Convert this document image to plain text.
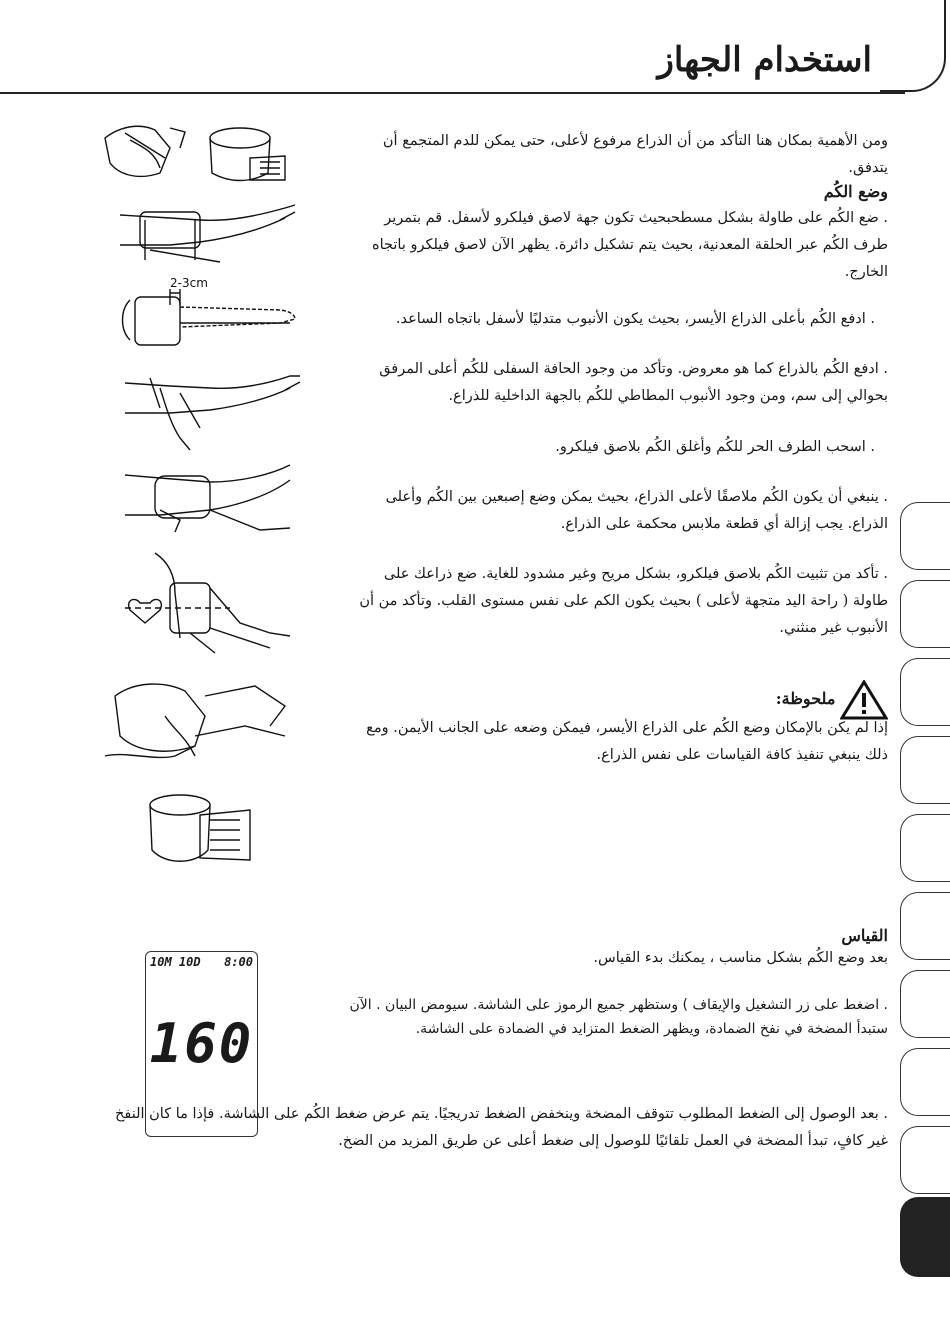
استخدام الجهاز
ومن الأهمية بمكان هنا التأكد من أن الذراع مرفوع لأعلى، حتى يمكن للدم المتجمع أن يتدفق.
وضع الكُم
. ضع الكُم على طاولة بشكل مسطحبحيث تكون جهة لاصق فيلكرو لأسفل. قم بتمرير طرف الكُم عبر الحلقة المعدنية، بحيث يتم تشكيل دائرة. يظهر الآن لاصق فيلكرو باتجاه الخارج.
. ادفع الكُم بأعلى الذراع الأيسر، بحيث يكون الأنبوب متدليًا لأسفل باتجاه الساعد.
. ادفع الكُم بالذراع كما هو معروض. وتأكد من وجود الحافة السفلى للكُم أعلى المرفق بحوالي إلى سم، ومن وجود الأنبوب المطاطي للكُم بالجهة الداخلية للذراع.
. اسحب الطرف الحر للكُم وأغلق الكُم بلاصق فيلكرو.
. ينبغي أن يكون الكُم ملاصقًا لأعلى الذراع، بحيث يمكن وضع إصبعين بين الكُم وأعلى الذراع. يجب إزالة أي قطعة ملابس محكمة على الذراع.
. تأكد من تثبيت الكُم بلاصق فيلكرو، بشكل مريح وغير مشدود للغاية. ضع ذراعك على طاولة ( راحة اليد متجهة لأعلى ) بحيث يكون الكم على نفس مستوى القلب. وتأكد من أن الأنبوب غير منثني.
ملحوظة:
إذا لم يكن بالإمكان وضع الكُم على الذراع الأيسر، فيمكن وضعه على الجانب الأيمن. ومع ذلك ينبغي تنفيذ كافة القياسات على نفس الذراع.
القياس
بعد وضع الكُم بشكل مناسب ، يمكنك بدء القياس.
. اضغط على زر التشغيل والإيقاف ) وستظهر جميع الرموز على الشاشة. سيومض البيان . الآن ستبدأ المضخة في نفخ الضمادة، ويظهر الضغط المتزايد في الضمادة على الشاشة.
. بعد الوصول إلى الضغط المطلوب تتوقف المضخة وينخفض الضغط تدريجيًا. يتم عرض ضغط الكُم على الشاشة. فإذا ما كان النفخ غير كافٍ، تبدأ المضخة في العمل تلقائيًا للوصول إلى ضغط أعلى عن طريق المزيد من الضخ.
2-3cm
10M 10D 8:00
160
